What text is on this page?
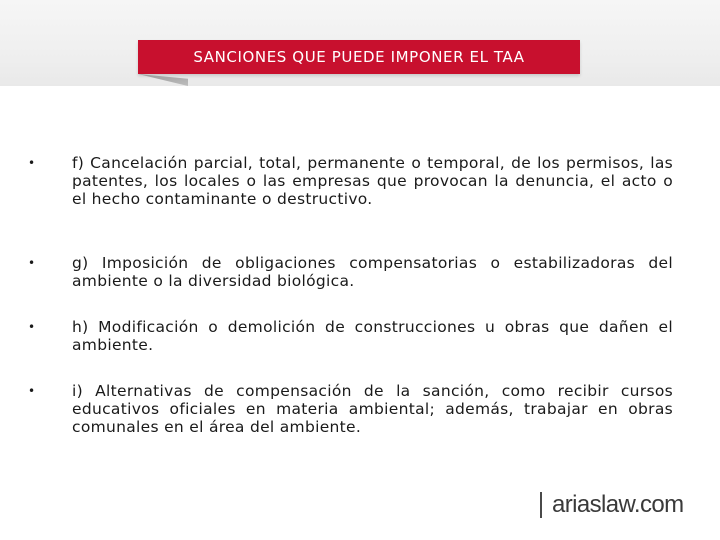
SANCIONES QUE PUEDE IMPONER EL TAA
• f) Cancelación parcial, total, permanente o temporal, de los permisos, las patentes, los locales o las empresas que provocan la denuncia, el acto o el hecho contaminante o destructivo.
• g) Imposición de obligaciones compensatorias o estabilizadoras del ambiente o la diversidad biológica.
• h) Modificación o demolición de construcciones u obras que dañen el ambiente.
• i) Alternativas de compensación de la sanción, como recibir cursos educativos oficiales en materia ambiental; además, trabajar en obras comunales en el área del ambiente.
ariaslaw.com
